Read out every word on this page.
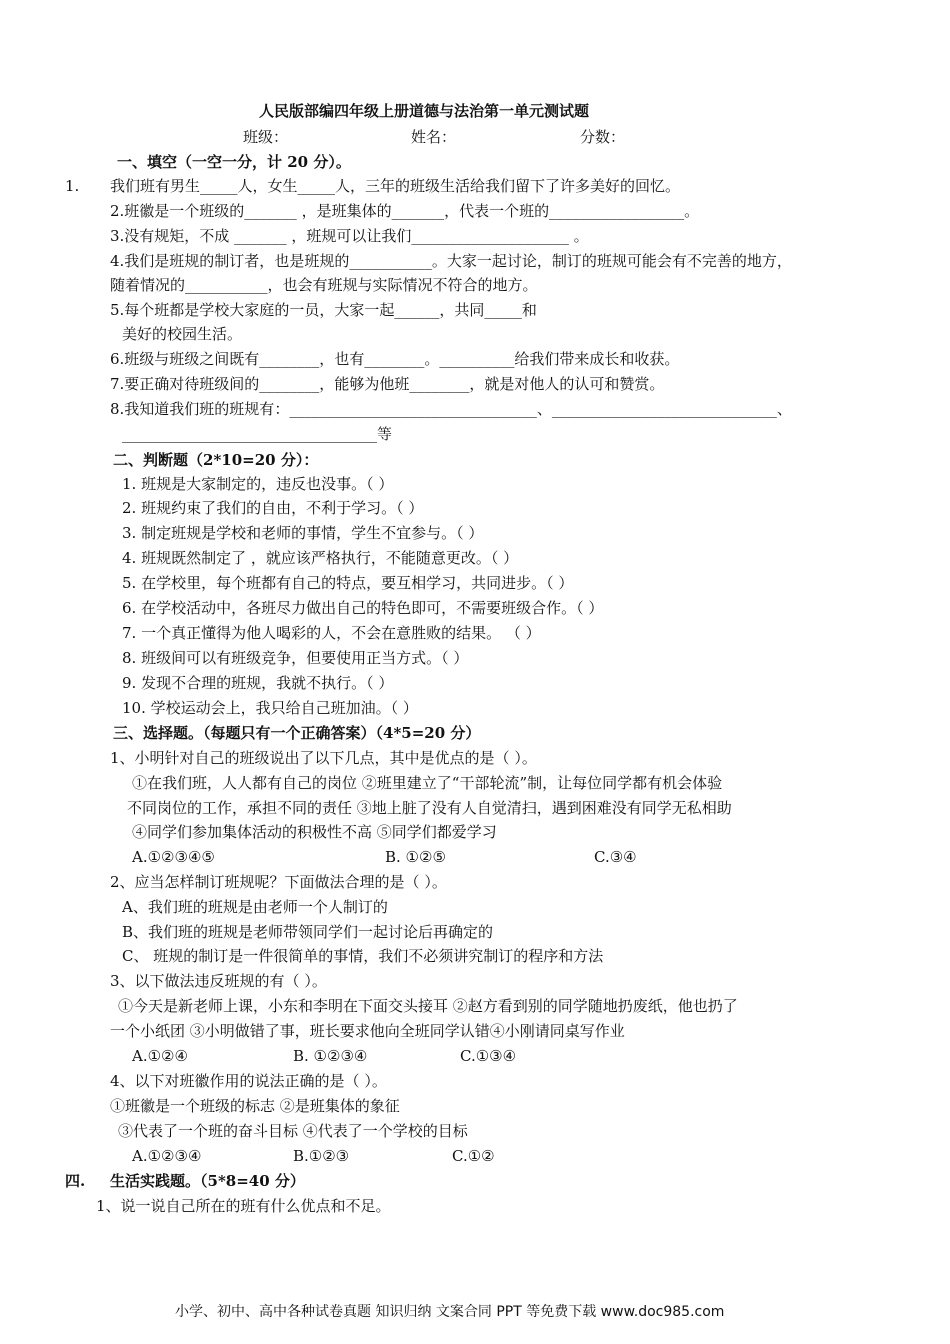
人民版部编四年级上册道德与法治第一单元测试题
班级：	姓名：	分数：
一、填空（一空一分，计 20 分）。
1. 我们班有男生_____人，女生_____人，三年的班级生活给我们留下了许多美好的回忆。
2.班徽是一个班级的_______ ，是班集体的_______，代表一个班的__________________。
3.没有规矩，不成 _______ ，班规可以让我们_____________________ 。
4.我们是班规的制订者，也是班规的___________。大家一起讨论，制订的班规可能会有不完善的地方，
随着情况的___________，也会有班规与实际情况不符合的地方。
5.每个班都是学校大家庭的一员，大家一起______，共同_____和
美好的校园生活。
6.班级与班级之间既有________，也有________。__________给我们带来成长和收获。
7.要正确对待班级间的________，能够为他班________，就是对他人的认可和赞赏。
8.我知道我们班的班规有：_________________________________、______________________________、
__________________________________等
二、判断题（2*10=20 分）：
1. 班规是大家制定的，违反也没事。（ ）
2. 班规约束了我们的自由，不利于学习。（ ）
3. 制定班规是学校和老师的事情，学生不宜参与。（ ）
4. 班规既然制定了 ，就应该严格执行，不能随意更改。（ ）
5. 在学校里，每个班都有自己的特点，要互相学习，共同进步。（ ）
6. 在学校活动中，各班尽力做出自己的特色即可，不需要班级合作。（ ）
7. 一个真正懂得为他人喝彩的人，不会在意胜败的结果。 （ ）
8. 班级间可以有班级竞争，但要使用正当方式。（ ）
9. 发现不合理的班规，我就不执行。（ ）
10. 学校运动会上，我只给自己班加油。（ ）
三、选择题。（每题只有一个正确答案）（4*5=20 分）
1、小明针对自己的班级说出了以下几点，其中是优点的是（ ）。
①在我们班，人人都有自己的岗位 ②班里建立了“干部轮流”制，让每位同学都有机会体验
不同岗位的工作，承担不同的责任 ③地上脏了没有人自觉清扫，遇到困难没有同学无私相助
④同学们参加集体活动的积极性不高 ⑤同学们都爱学习
A.①②③④⑤	B. ①②⑤	C.③④
2、应当怎样制订班规呢？下面做法合理的是（ ）。
A、我们班的班规是由老师一个人制订的
B、我们班的班规是老师带领同学们一起讨论后再确定的
C、 班规的制订是一件很简单的事情，我们不必须讲究制订的程序和方法
3、以下做法违反班规的有（ ）。
①今天是新老师上课，小东和李明在下面交头接耳 ②赵方看到别的同学随地扔废纸，他也扔了
一个小纸团 ③小明做错了事，班长要求他向全班同学认错④小刚请同桌写作业
A.①②④	B. ①②③④	C.①③④
4、以下对班徽作用的说法正确的是（ ）。
①班徽是一个班级的标志 ②是班集体的象征
③代表了一个班的奋斗目标 ④代表了一个学校的目标
A.①②③④	B.①②③	C.①②
四. 生活实践题。（5*8=40 分）
1、说一说自己所在的班有什么优点和不足。
小学、初中、高中各种试卷真题 知识归纳 文案合同 PPT 等免费下载 www.doc985.com
